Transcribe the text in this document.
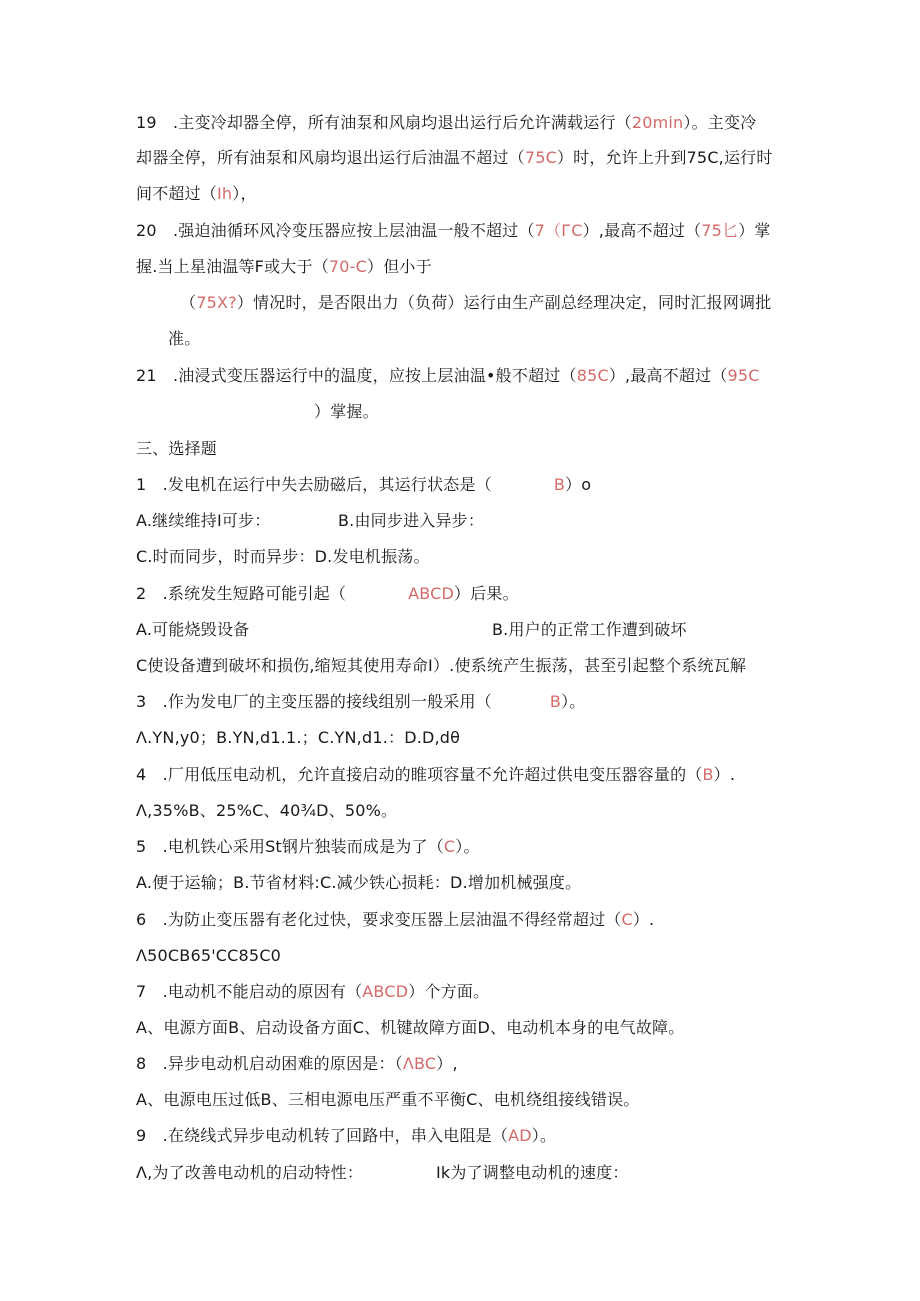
19　.主变冷却器全停，所有油泵和风扇均退出运行后允许满载运行（20min）。主变冷
却器全停，所有油泵和风扇均退出运行后油温不超过（75C）时，允许上升到75C,运行时
间不超过（Ih），
20　.强迫油循环风冷变压器应按上层油温一般不超过（7（ГC）,最高不超过（75匕）掌
握.当上星油温等F或大于（70-C）但小于
（75X?）情况时，是否限出力（负荷）运行由生产副总经理决定，同时汇报网调批
准。
21　.油浸式变压器运行中的温度，应按上层油温•般不超过（85C）,最高不超过（95C
）掌握。
三、选择题
1　.发电机在运行中失去励磁后，其运行状态是（	B）o
A.继续维持I可步：	B.由同步进入异步：
C.时而同步，时而异步：D.发电机振荡。
2　.系统发生短路可能引起（	ABCD）后果。
A.可能烧毁设备	B.用户的正常工作遭到破坏
C使设备遭到破坏和损伤,缩短其使用寿命I）.使系统产生振荡，甚至引起整个系统瓦解
3　.作为发电厂的主变压器的接线组别一般采用（	B）。
Λ.YN,y0；B.YN,d1.1.；C.YN,d1.：D.D,dθ
4　.厂用低压电动机，允许直接启动的睢项容量不允许超过供电变压器容量的（B）.
Λ,35%B、25%C、40¾D、50%。
5　.电机铁心采用St钢片独装而成是为了（C）。
A.便于运输；B.节省材料:C.减少铁心损耗：D.增加机械强度。
6　.为防止变压器有老化过快，要求变压器上层油温不得经常超过（C）.
Λ50CB65'CC85C0
7　.电动机不能启动的原因有（ABCD）个方面。
A、电源方面B、启动设备方面C、机键故障方面D、电动机本身的电气故障。
8　.异步电动机启动困难的原因是：（ΛBC）,
A、电源电压过低B、三相电源电压严重不平衡C、电机绕组接线错误。
9　.在绕线式异步电动机转了回路中，串入电阻是（AD）。
Λ,为了改善电动机的启动特性：	Ik为了调整电动机的速度：
